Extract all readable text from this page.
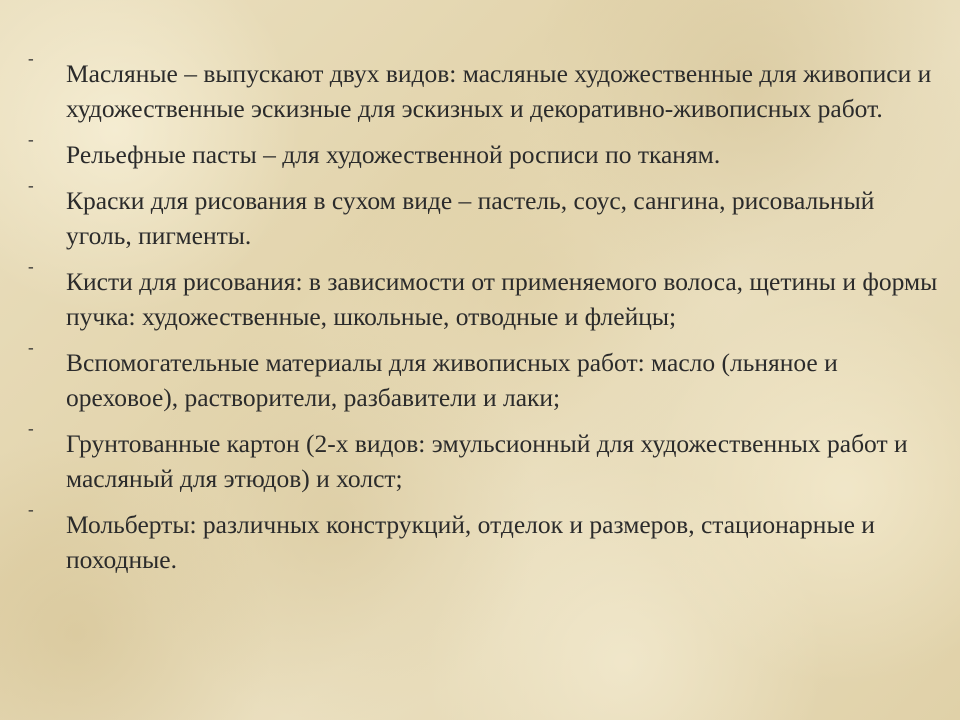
-
Масляные – выпускают двух видов: масляные художественные для живописи и художественные эскизные для эскизных и декоративно-живописных работ.
-
Рельефные пасты – для художественной росписи по тканям.
-
Краски для рисования в сухом виде – пастель, соус, сангина, рисовальный уголь, пигменты.
-
Кисти для рисования: в зависимости от применяемого волоса, щетины и формы пучка: художественные, школьные, отводные и флейцы;
-
Вспомогательные материалы для живописных работ: масло (льняное и ореховое), растворители, разбавители и лаки;
-
Грунтованные картон (2-х видов: эмульсионный для художественных работ и масляный для этюдов) и холст;
-
Мольберты: различных конструкций, отделок и размеров, стационарные и походные.
